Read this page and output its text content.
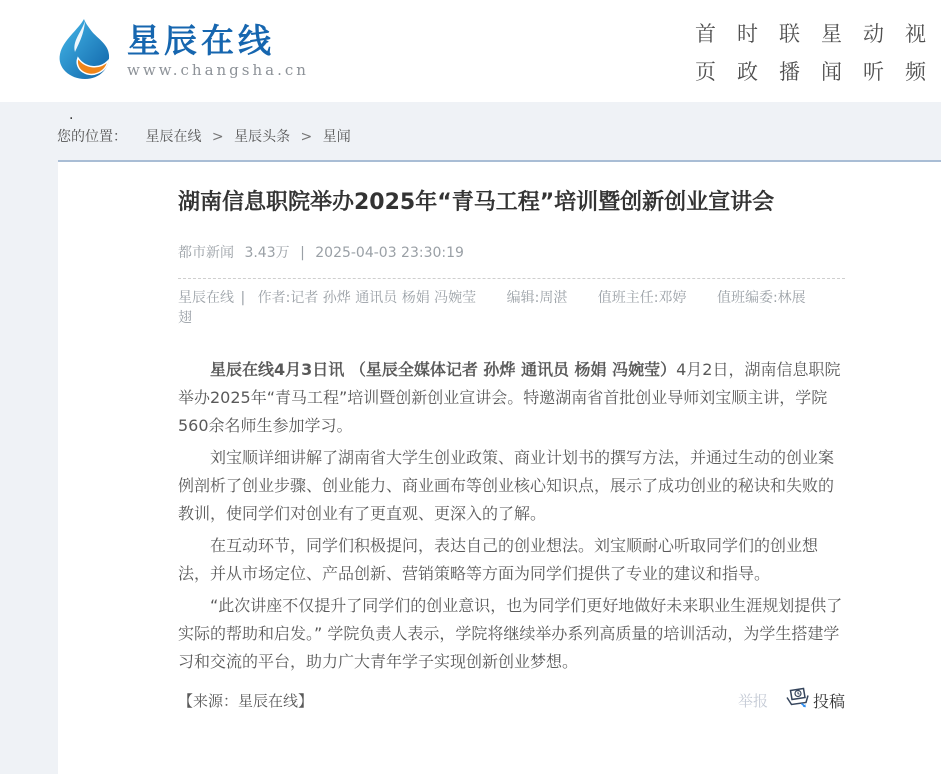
星辰在线
www.changsha.cn
首页
时政
联播
星闻
动听
视频
.
您的位置： 星辰在线 > 星辰头条 > 星闻
湖南信息职院举办2025年“青马工程”培训暨创新创业宣讲会
都市新闻 3.43万 | 2025-04-03 23:30:19
星辰在线 | 作者:记者 孙烨 通讯员 杨娟 冯婉莹 编辑:周湛 值班主任:邓婷 值班编委:林展翅

星辰在线4月3日讯 （星辰全媒体记者 孙烨 通讯员 杨娟 冯婉莹）4月2日，湖南信息职院举办2025年“青马工程”培训暨创新创业宣讲会。特邀湖南省首批创业导师刘宝顺主讲，学院560余名师生参加学习。

刘宝顺详细讲解了湖南省大学生创业政策、商业计划书的撰写方法，并通过生动的创业案例剖析了创业步骤、创业能力、商业画布等创业核心知识点，展示了成功创业的秘诀和失败的教训，使同学们对创业有了更直观、更深入的了解。

在互动环节，同学们积极提问，表达自己的创业想法。刘宝顺耐心听取同学们的创业想法，并从市场定位、产品创新、营销策略等方面为同学们提供了专业的建议和指导。

“此次讲座不仅提升了同学们的创业意识，也为同学们更好地做好未来职业生涯规划提供了实际的帮助和启发。” 学院负责人表示，学院将继续举办系列高质量的培训活动，为学生搭建学习和交流的平台，助力广大青年学子实现创新创业梦想。

【来源：星辰在线】	举报	投稿
